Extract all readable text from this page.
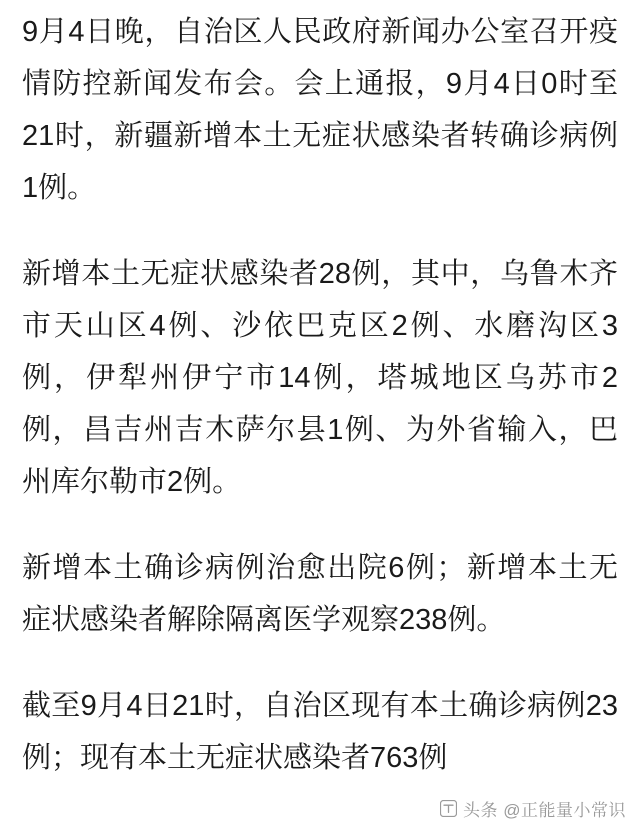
9月4日晚，自治区人民政府新闻办公室召开疫情防控新闻发布会。会上通报，9月4日0时至21时，新疆新增本土无症状感染者转确诊病例1例。

新增本土无症状感染者28例，其中，乌鲁木齐市天山区4例、沙依巴克区2例、水磨沟区3例，伊犁州伊宁市14例，塔城地区乌苏市2例，昌吉州吉木萨尔县1例、为外省输入，巴州库尔勒市2例。

新增本土确诊病例治愈出院6例；新增本土无症状感染者解除隔离医学观察238例。

截至9月4日21时，自治区现有本土确诊病例23例；现有本土无症状感染者763例

头条 @正能量小常识
